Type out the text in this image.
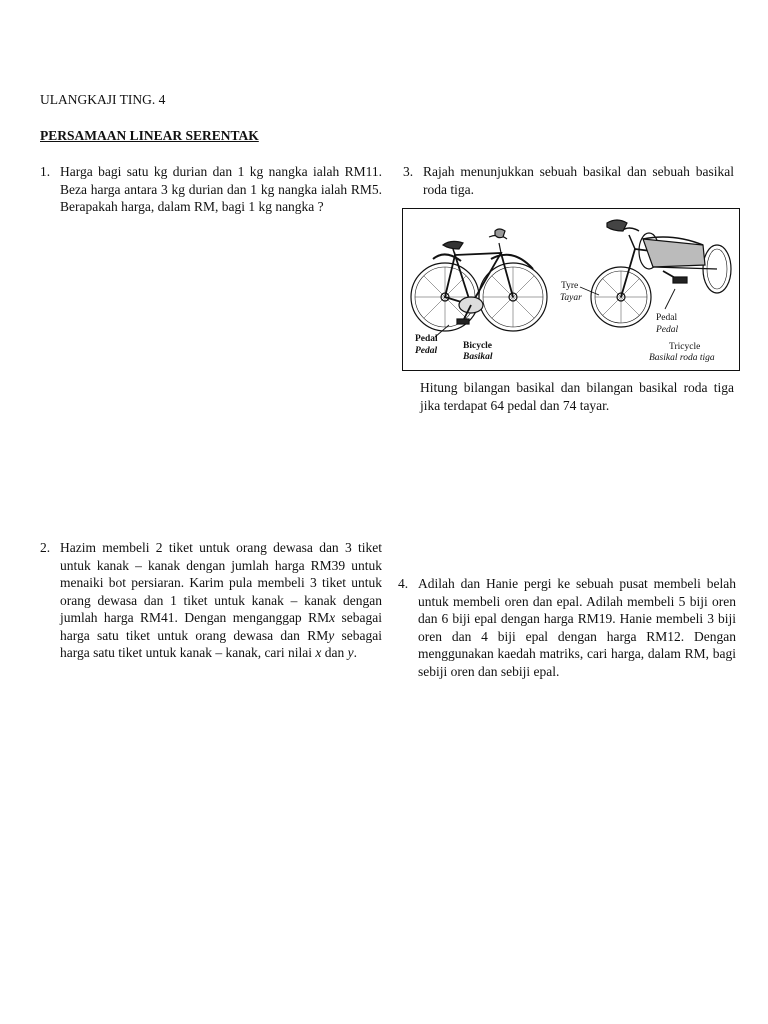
ULANGKAJI TING. 4
PERSAMAAN LINEAR SERENTAK
1. Harga bagi satu kg durian dan 1 kg nangka ialah RM11. Beza harga antara 3 kg durian dan 1 kg nangka ialah RM5. Berapakah harga, dalam RM, bagi 1 kg nangka ?
2. Hazim membeli 2 tiket untuk orang dewasa dan 3 tiket untuk kanak – kanak dengan jumlah harga RM39 untuk menaiki bot persiaran. Karim pula membeli 3 tiket untuk orang dewasa dan 1 tiket untuk kanak – kanak dengan jumlah harga RM41. Dengan menganggap RMx sebagai harga satu tiket untuk orang dewasa dan RMy sebagai harga satu tiket untuk kanak – kanak, cari nilai x dan y.
3. Rajah menunjukkan sebuah basikal dan sebuah basikal roda tiga.
Pedal
Pedal	Bicycle
Basikal
Tyre
Tayar
Pedal
Pedal
Tricycle
Basikal roda tiga
Hitung bilangan basikal dan bilangan basikal roda tiga jika terdapat 64 pedal dan 74 tayar.
4. Adilah dan Hanie pergi ke sebuah pusat membeli belah untuk membeli oren dan epal. Adilah membeli 5 biji oren dan 6 biji epal dengan harga RM19. Hanie membeli 3 biji oren dan 4 biji epal dengan harga RM12. Dengan menggunakan kaedah matriks, cari harga, dalam RM, bagi sebiji oren dan sebiji epal.
